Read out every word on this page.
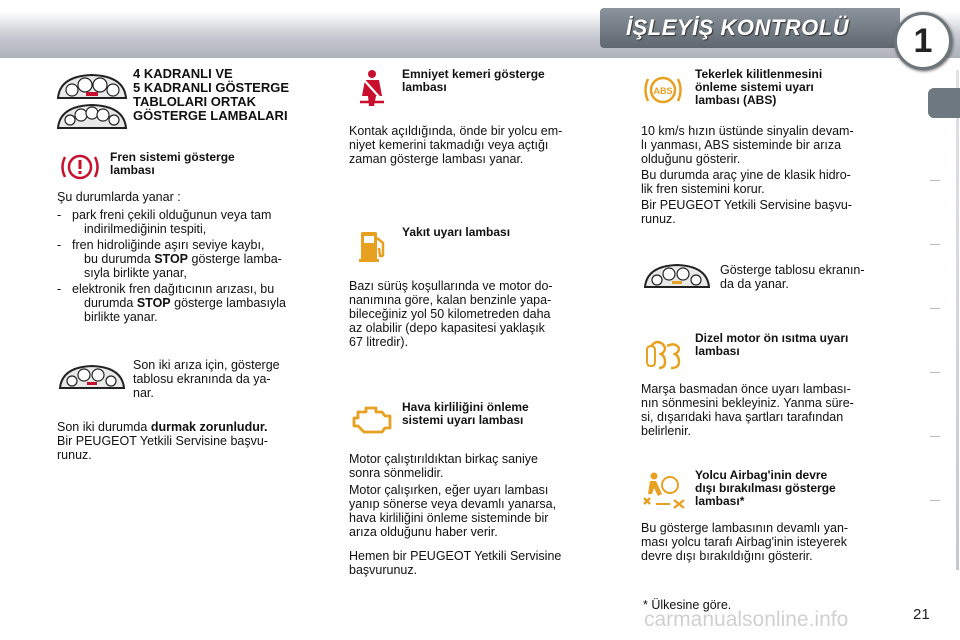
İŞLEYİŞ KONTROLÜ	1
4 KADRANLI VE
5 KADRANLI GÖSTERGE
TABLOLARI ORTAK
GÖSTERGE LAMBALARI
Fren sistemi gösterge
lambası
Şu durumlarda yanar :
- park freni çekili olduğunun veya tam
indirilmediğinin tespiti,
- fren hidroliğinde aşırı seviye kaybı,
bu durumda STOP gösterge lamba-
sıyla birlikte yanar,
- elektronik fren dağıtıcının arızası, bu
durumda STOP gösterge lambasıyla
birlikte yanar.
Son iki arıza için, gösterge
tablosu ekranında da ya-
nar.
Son iki durumda durmak zorunludur.
Bir PEUGEOT Yetkili Servisine başvu-
runuz.
Emniyet kemeri gösterge
lambası
Kontak açıldığında, önde bir yolcu em-
niyet kemerini takmadığı veya açtığı
zaman gösterge lambası yanar.
Yakıt uyarı lambası
Bazı sürüş koşullarında ve motor do-
nanımına göre, kalan benzinle yapa-
bileceğiniz yol 50 kilometreden daha
az olabilir (depo kapasitesi yaklaşık
67 litredir).
Hava kirliliğini önleme
sistemi uyarı lambası
Motor çalıştırıldıktan birkaç saniye
sonra sönmelidir.
Motor çalışırken, eğer uyarı lambası
yanıp sönerse veya devamlı yanarsa,
hava kirliliğini önleme sisteminde bir
arıza olduğunu haber verir.
Hemen bir PEUGEOT Yetkili Servisine
başvurunuz.
ABS
Tekerlek kilitlenmesini
önleme sistemi uyarı
lambası (ABS)
10 km/s hızın üstünde sinyalin devam-
lı yanması, ABS sisteminde bir arıza
olduğunu gösterir.
Bu durumda araç yine de klasik hidro-
lik fren sistemini korur.
Bir PEUGEOT Yetkili Servisine başvu-
runuz.
Gösterge tablosu ekranın-
da da yanar.
Dizel motor ön ısıtma uyarı
lambası
Marşa basmadan önce uyarı lambası-
nın sönmesini bekleyiniz. Yanma süre-
si, dışarıdaki hava şartları tarafından
belirlenir.
Yolcu Airbag'inin devre
dışı bırakılması gösterge
lambası*
Bu gösterge lambasının devamlı yan-
ması yolcu tarafı Airbag'inin isteyerek
devre dışı bırakıldığını gösterir.
* Ülkesine göre.
carmanualsonline.info	21
